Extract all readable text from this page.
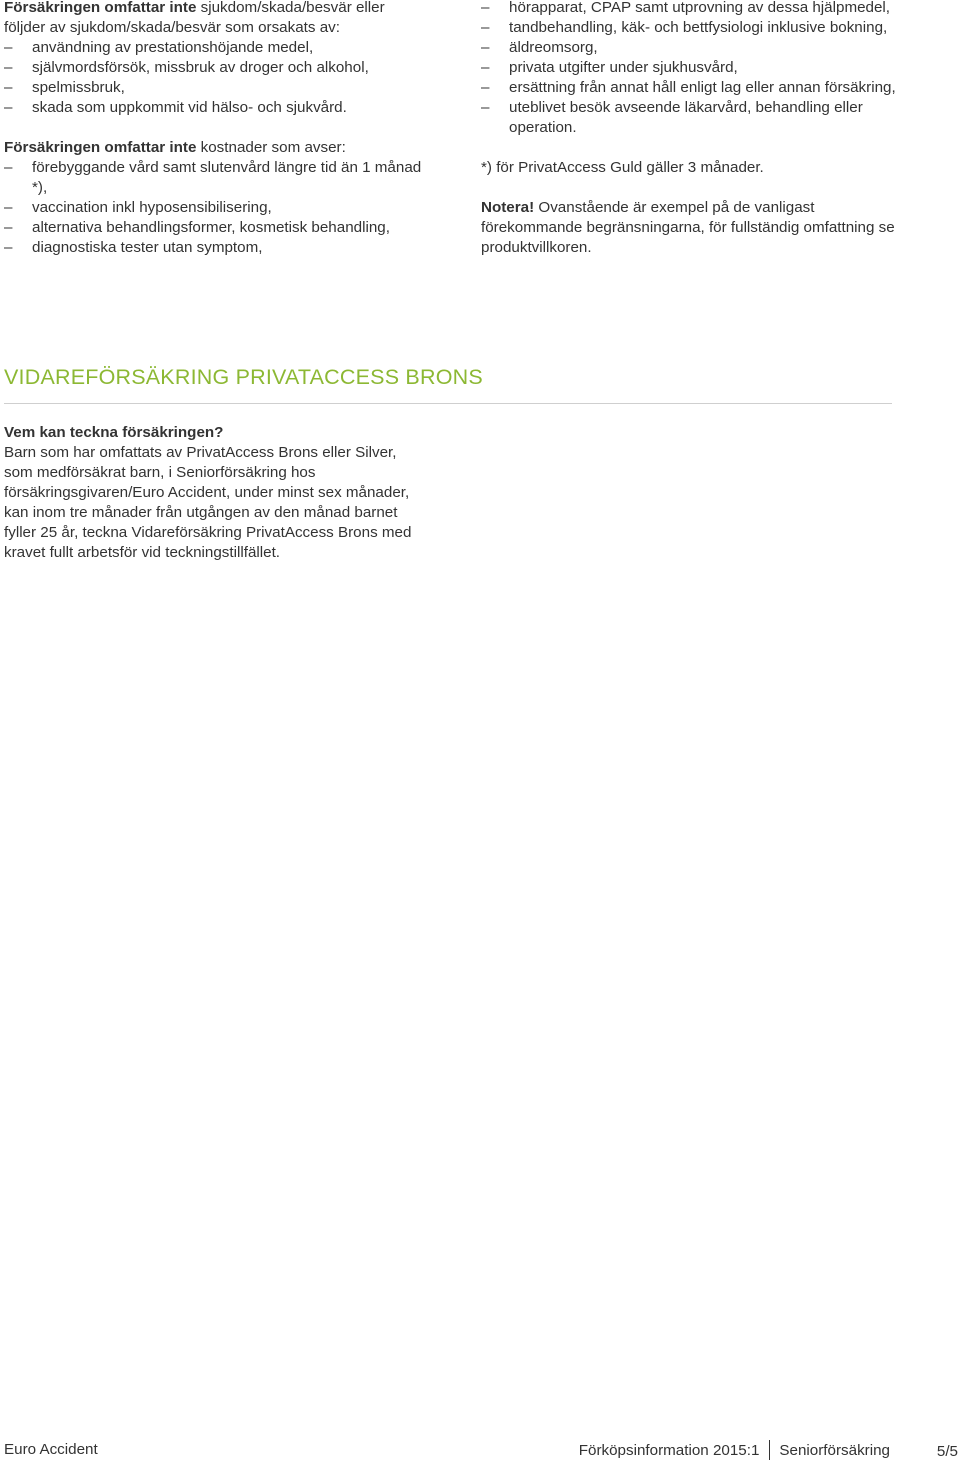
Försäkringen omfattar inte sjukdom/skada/besvär eller följder av sjukdom/skada/besvär som orsakats av:

– användning av prestationshöjande medel,
– självmordsförsök, missbruk av droger och alkohol,
– spelmissbruk,
– skada som uppkommit vid hälso- och sjukvård.

Försäkringen omfattar inte kostnader som avser:

– förebyggande vård samt slutenvård längre tid än 1 månad *),
– vaccination inkl hyposensibilisering,
– alternativa behandlingsformer, kosmetisk behandling,
– diagnostiska tester utan symptom,
– hörapparat, CPAP samt utprovning av dessa hjälpmedel,
– tandbehandling, käk- och bettfysiologi inklusive bokning,
– äldreomsorg,
– privata utgifter under sjukhusvård,
– ersättning från annat håll enligt lag eller annan försäkring,
– uteblivet besök avseende läkarvård, behandling eller operation.

*) för PrivatAccess Guld gäller 3 månader.

Notera! Ovanstående är exempel på de vanligast förekommande begränsningarna, för fullständig omfattning se produktvillkoren.

VIDAREFÖRSÄKRING PRIVATACCESS BRONS

Vem kan teckna försäkringen?

Barn som har omfattats av PrivatAccess Brons eller Silver, som medförsäkrat barn, i Seniorförsäkring hos försäkringsgivaren/Euro Accident, under minst sex månader, kan inom tre månader från utgången av den månad barnet fyller 25 år, teckna Vidareförsäkring PrivatAccess Brons med kravet fullt arbetsför vid teckningstillfället.

Euro Accident	Förköpsinformation 2015:1 Seniorförsäkring	5/5
